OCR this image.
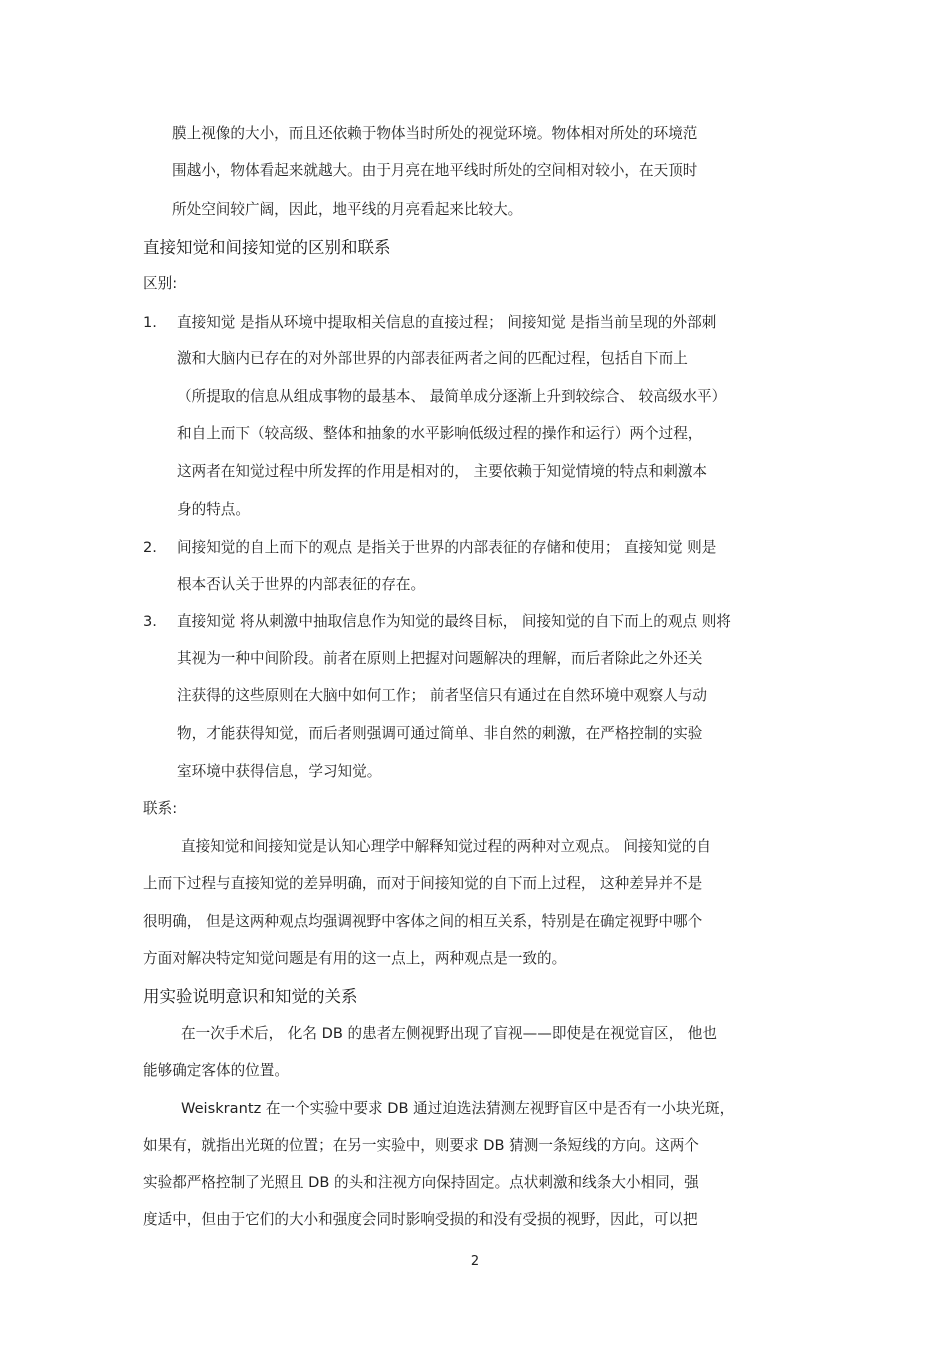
膜上视像的大小，而且还依赖于物体当时所处的视觉环境。物体相对所处的环境范
围越小，物体看起来就越大。由于月亮在地平线时所处的空间相对较小，在天顶时
所处空间较广阔，因此，地平线的月亮看起来比较大。
直接知觉和间接知觉的区别和联系
区别:
1. 直接知觉 是指从环境中提取相关信息的直接过程； 间接知觉 是指当前呈现的外部刺
激和大脑内已存在的对外部世界的内部表征两者之间的匹配过程，包括自下而上
（所提取的信息从组成事物的最基本、 最简单成分逐渐上升到较综合、 较高级水平）
和自上而下（较高级、整体和抽象的水平影响低级过程的操作和运行）两个过程，
这两者在知觉过程中所发挥的作用是相对的， 主要依赖于知觉情境的特点和刺激本
身的特点。
2. 间接知觉的自上而下的观点 是指关于世界的内部表征的存储和使用； 直接知觉 则是
根本否认关于世界的内部表征的存在。
3. 直接知觉 将从刺激中抽取信息作为知觉的最终目标， 间接知觉的自下而上的观点 则将
其视为一种中间阶段。前者在原则上把握对问题解决的理解，而后者除此之外还关
注获得的这些原则在大脑中如何工作； 前者坚信只有通过在自然环境中观察人与动
物，才能获得知觉，而后者则强调可通过简单、非自然的刺激，在严格控制的实验
室环境中获得信息，学习知觉。
联系:
直接知觉和间接知觉是认知心理学中解释知觉过程的两种对立观点。 间接知觉的自
上而下过程与直接知觉的差异明确，而对于间接知觉的自下而上过程， 这种差异并不是
很明确， 但是这两种观点均强调视野中客体之间的相互关系，特别是在确定视野中哪个
方面对解决特定知觉问题是有用的这一点上，两种观点是一致的。
用实验说明意识和知觉的关系
在一次手术后， 化名 DB 的患者左侧视野出现了盲视——即使是在视觉盲区， 他也
能够确定客体的位置。
Weiskrantz 在一个实验中要求 DB 通过迫选法猜测左视野盲区中是否有一小块光斑，
如果有，就指出光斑的位置；在另一实验中，则要求 DB 猜测一条短线的方向。这两个
实验都严格控制了光照且 DB 的头和注视方向保持固定。点状刺激和线条大小相同，强
度适中，但由于它们的大小和强度会同时影响受损的和没有受损的视野，因此，可以把
2
